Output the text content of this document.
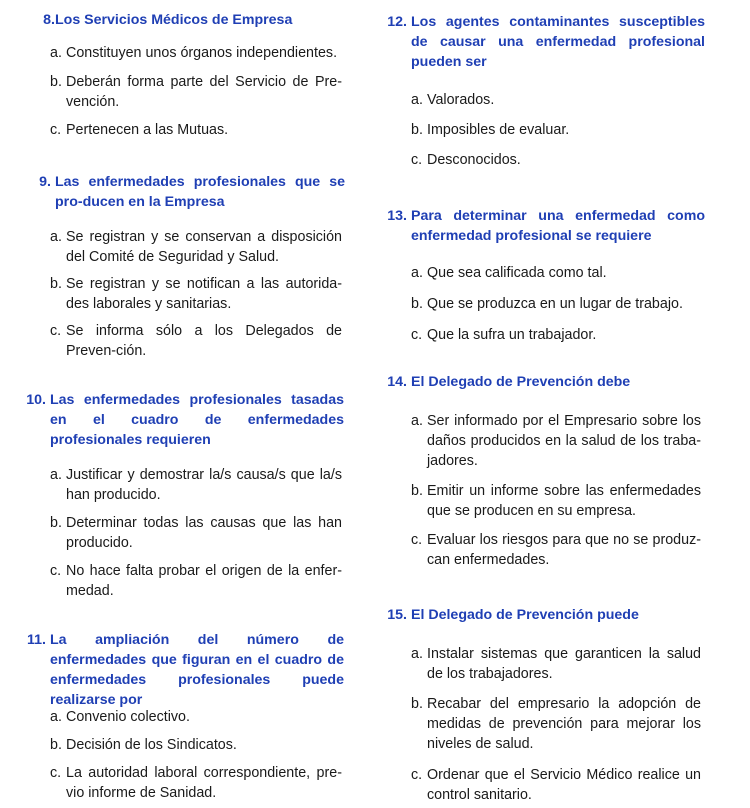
8. Los Servicios Médicos de Empresa
a. Constituyen unos órganos independientes.
b. Deberán forma parte del Servicio de Pre-vención.
c. Pertenecen a las Mutuas.
9. Las enfermedades profesionales que se pro-ducen en la Empresa
a. Se registran y se conservan a disposición del Comité de Seguridad y Salud.
b. Se registran y se notifican a las autorida-des laborales y sanitarias.
c. Se informa sólo a los Delegados de Preven-ción.
10. Las enfermedades profesionales tasadas en el cuadro de enfermedades profesionales requieren
a. Justificar y demostrar la/s causa/s que la/s han producido.
b. Determinar todas las causas que las han producido.
c. No hace falta probar el origen de la enfer-medad.
11. La ampliación del número de enfermedades que figuran en el cuadro de enfermedades profesionales puede realizarse por
a. Convenio colectivo.
b. Decisión de los Sindicatos.
c. La autoridad laboral correspondiente, pre-vio informe de Sanidad.
12. Los agentes contaminantes susceptibles de causar una enfermedad profesional pueden ser
a. Valorados.
b. Imposibles de evaluar.
c. Desconocidos.
13. Para determinar una enfermedad como enfermedad profesional se requiere
a. Que sea calificada como tal.
b. Que se produzca en un lugar de trabajo.
c. Que la sufra un trabajador.
14. El Delegado de Prevención debe
a. Ser informado por el Empresario sobre los daños producidos en la salud de los traba-jadores.
b. Emitir un informe sobre las enfermedades que se producen en su empresa.
c. Evaluar los riesgos para que no se produz-can enfermedades.
15. El Delegado de Prevención puede
a. Instalar sistemas que garanticen la salud de los trabajadores.
b. Recabar del empresario la adopción de medidas de prevención para mejorar los niveles de salud.
c. Ordenar que el Servicio Médico realice un control sanitario.
